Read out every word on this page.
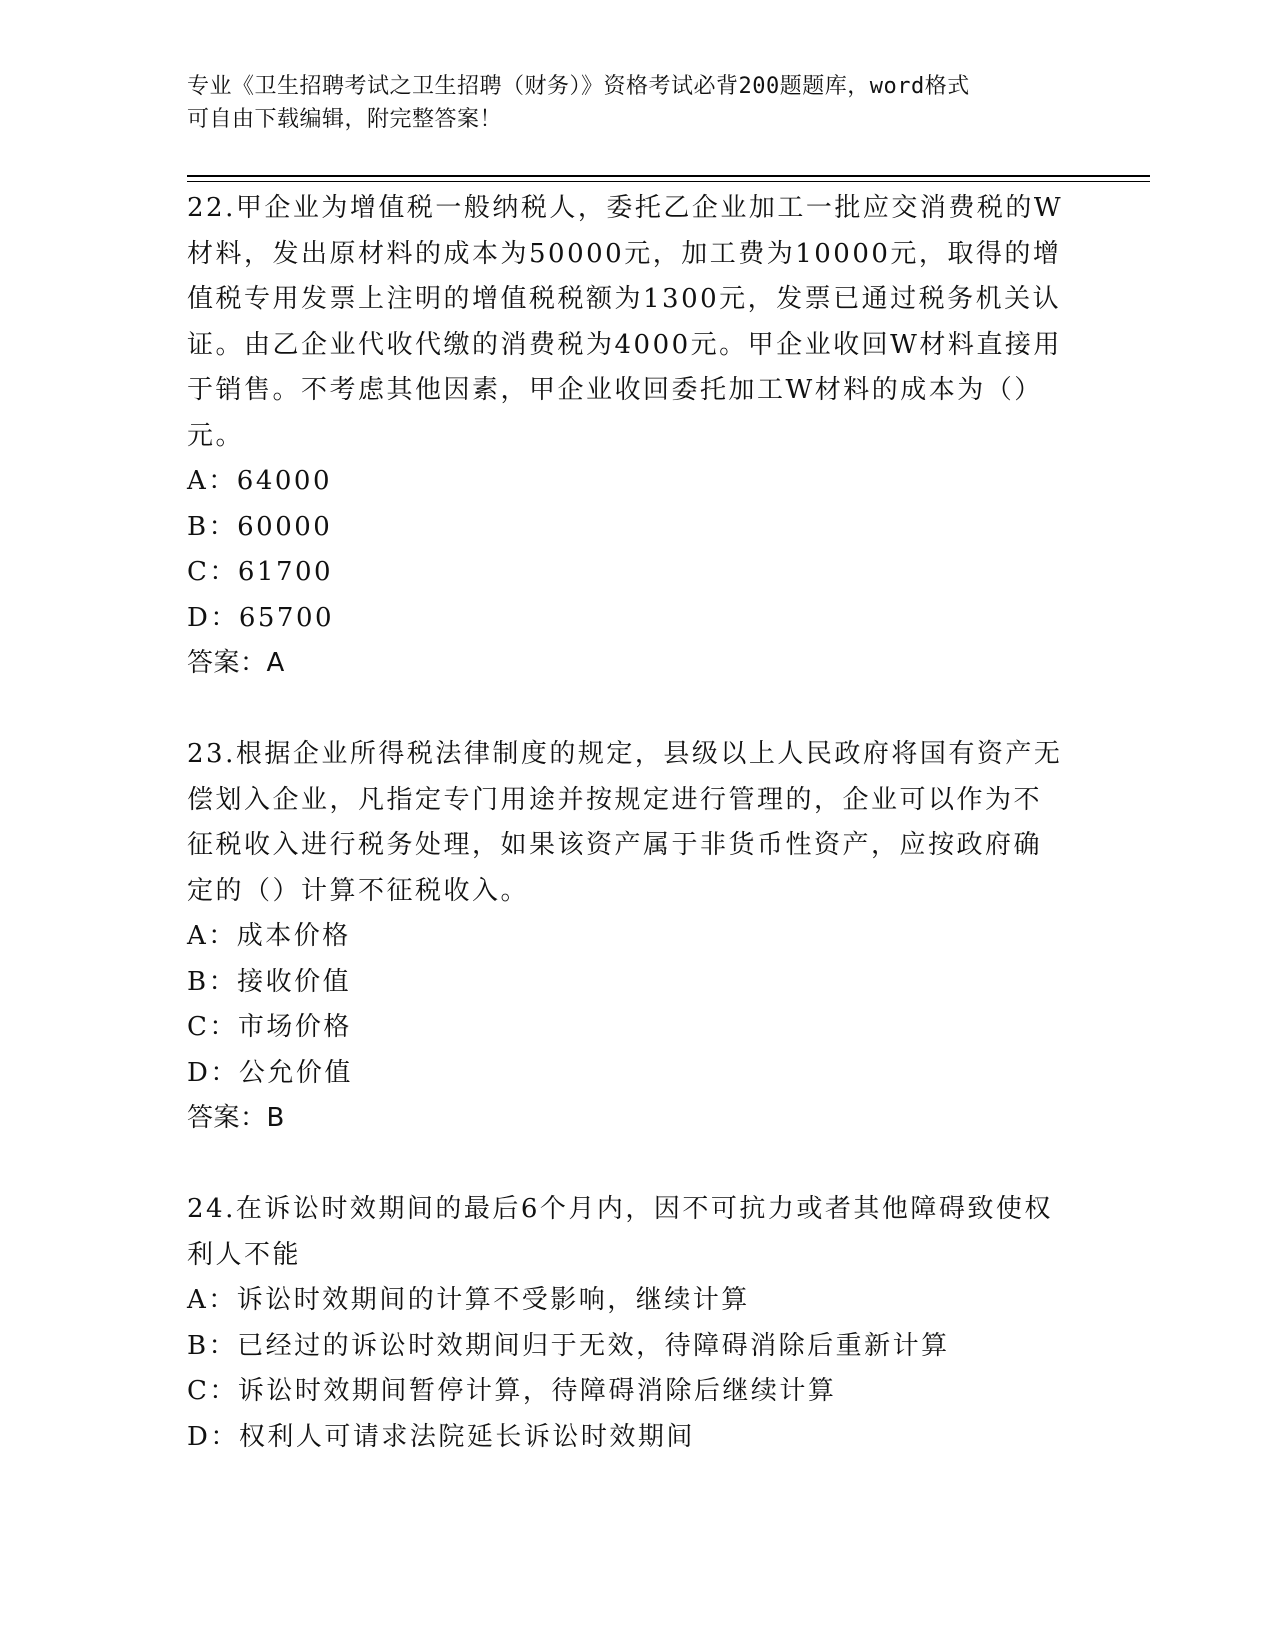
专业《卫生招聘考试之卫生招聘（财务）》资格考试必背200题题库，word格式
可自由下载编辑，附完整答案！
22.甲企业为增值税一般纳税人，委托乙企业加工一批应交消费税的W
材料，发出原材料的成本为50000元，加工费为10000元，取得的增
值税专用发票上注明的增值税税额为1300元，发票已通过税务机关认
证。由乙企业代收代缴的消费税为4000元。甲企业收回W材料直接用
于销售。不考虑其他因素，甲企业收回委托加工W材料的成本为（）
元。
A：64000
B：60000
C：61700
D：65700
答案：A
23.根据企业所得税法律制度的规定，县级以上人民政府将国有资产无
偿划入企业，凡指定专门用途并按规定进行管理的，企业可以作为不
征税收入进行税务处理，如果该资产属于非货币性资产，应按政府确
定的（）计算不征税收入。
A：成本价格
B：接收价值
C：市场价格
D：公允价值
答案：B
24.在诉讼时效期间的最后6个月内，因不可抗力或者其他障碍致使权
利人不能
A：诉讼时效期间的计算不受影响，继续计算
B：已经过的诉讼时效期间归于无效，待障碍消除后重新计算
C：诉讼时效期间暂停计算，待障碍消除后继续计算
D：权利人可请求法院延长诉讼时效期间
